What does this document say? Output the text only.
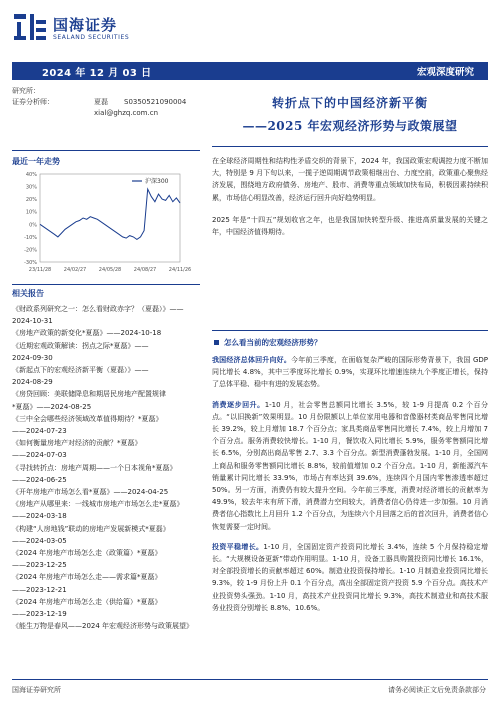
国海证券
SEALAND SECURITIES
2024 年 12 月 03 日	宏观深度研究
研究所：
证券分析师：	夏磊	S0350521090004
xial@ghzq.com.cn
最近一年走势
-30%
-20%
-10%
0%
10%
20%
30%
40%
23/11/28	24/02/27	24/05/28	24/08/27	24/11/26
沪深300
相关报告
《财政系列研究之一：怎么看财政赤字？（夏磊）》——
2024-10-31
《房地产政策的新变化*夏磊》——2024-10-18
《近期宏观政策解读：拐点之际*夏磊》——
2024-09-30
《新起点下的宏观经济新平衡（夏磊）》——
2024-08-29
《房贷回顾：美联储降息和期居民房地产配置规律
*夏磊》——2024-08-25
《三中全会哪些经济领域改革值得期待？*夏磊》
——2024-07-23
《如何衡量房地产对经济的贡献？*夏磊》
——2024-07-03
《寻找转折点：房地产周期——一个日本视角*夏磊》
——2024-06-25
《开年房地产市场怎么看*夏磊》——2024-04-25
《房地产从哪里来：一线城市房地产市场怎么走*夏磊》
——2024-03-18
《构建“人房地钱”联动的房地产发展新模式*夏磊》
——2024-03-05
《2024 年房地产市场怎么走（政策篇）*夏磊》
——2023-12-25
《2024 年房地产市场怎么走——需求篇*夏磊》
——2023-12-21
《2024 年房地产市场怎么走（供给篇）*夏磊》
——2023-12-19
《能生万物是春风——2024 年宏观经济形势与政策展望》
转折点下的中国经济新平衡
——2025 年宏观经济形势与政策展望

在全球经济周期性和结构性矛盾交织的背景下，2024 年，我国政策宏观调控力度不断加大，特别是 9 月下旬以来，一揽子逆周期调节政策相继出台、力度空前，政策重心聚焦经济发展，围绕地方政府债务、房地产、股市、消费等重点领域加快布局，积极因素持续积累，市场信心明显改善，经济运行回升向好趋势明显。

2025 年是“十四五”规划收官之年，也是我国加快转型升级、推进高质量发展的关键之年，中国经济值得期待。

怎么看当前的宏观经济形势？

我国经济总体回升向好。今年前三季度，在面临复杂严峻的国际形势背景下，我国 GDP 同比增长 4.8%，其中三季度环比增长 0.9%，实现环比增速连续九个季度正增长，保持了总体平稳、稳中有进的发展态势。

消费逐步回升。1-10 月，社会零售总额同比增长 3.5%，较 1-9 月提高 0.2 个百分点。“以旧换新”效果明显。10 月份限额以上单位家用电器和音像器材类商品零售同比增长 39.2%，较上月增加 18.7 个百分点；家具类商品零售同比增长 7.4%，较上月增加 7 个百分点。服务消费较快增长。1-10 月，餐饮收入同比增长 5.9%，服务零售额同比增长 6.5%，分别高出商品零售 2.7、3.3 个百分点。新型消费蓬勃发展。1-10 月，全国网上商品和服务零售额同比增长 8.8%，较前值增加 0.2 个百分点。1-10 月，新能源汽车销量累计同比增长 33.9%，市场占有率达到 39.6%，连续四个月国内零售渗透率超过 50%。另一方面，消费仍有较大提升空间。今年前三季度，消费对经济增长的贡献率为 49.9%，较去年末有所下滑，消费潜力空间较大，消费者信心仍待进一步加强。10 月消费者信心指数比上月回升 1.2 个百分点，为连续六个月回落之后的首次回升，消费者信心恢复需要一定时间。

投资平稳增长。1-10 月，全国固定资产投资同比增长 3.4%，连续 5 个月保持稳定增长。“大规模设备更新”带动作用明显。1-10 月，设备工器具购置投资同比增长 16.1%，对全部投资增长的贡献率超过 60%。制造业投资保持增长。1-10 月制造业投资同比增长 9.3%，较 1-9 月份上升 0.1 个百分点，高出全部固定资产投资 5.9 个百分点。高技术产业投资势头强劲。1-10 月，高技术产业投资同比增长 9.3%，高技术制造业和高技术服务业投资分别增长 8.8%、10.6%。

国海证券研究所	请务必阅读正文后免责条款部分
